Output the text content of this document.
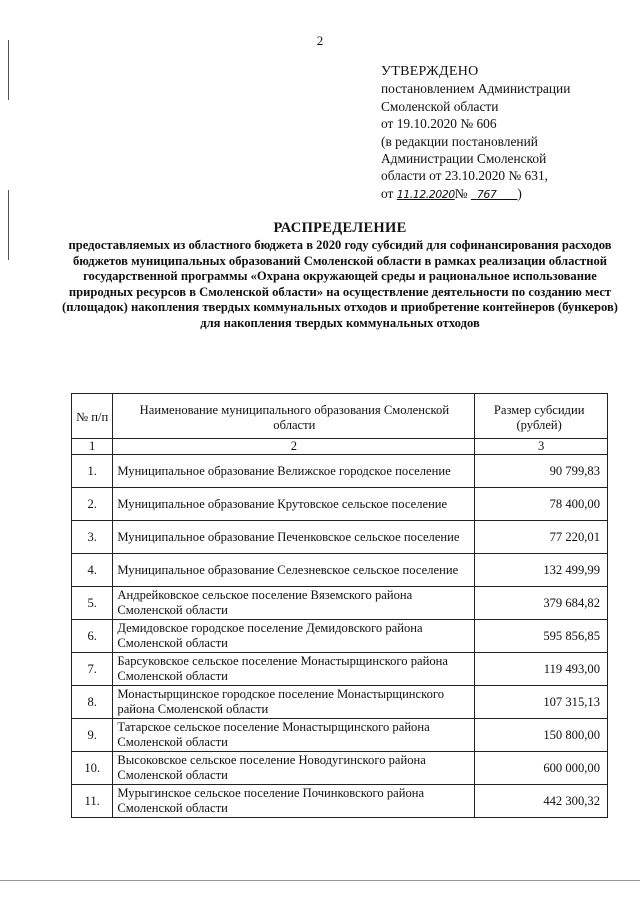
2
УТВЕРЖДЕНО
постановлением Администрации
Смоленской области
от 19.10.2020 № 606
(в редакции постановлений
Администрации Смоленской
области от 23.10.2020 № 631,
от 11.12.2020№ 767 )
РАСПРЕДЕЛЕНИЕ
предоставляемых из областного бюджета в 2020 году субсидий для софинансирования расходов бюджетов муниципальных образований Смоленской области в рамках реализации областной государственной программы «Охрана окружающей среды и рациональное использование природных ресурсов в Смоленской области» на осуществление деятельности по созданию мест (площадок) накопления твердых коммунальных отходов и приобретение контейнеров (бункеров) для накопления твердых коммунальных отходов
№ п/п	Наименование муниципального образования Смоленской области	Размер субсидии (рублей)
1	2	3
1.	Муниципальное образование Велижское городское поселение	90 799,83
2.	Муниципальное образование Крутовское сельское поселение	78 400,00
3.	Муниципальное образование Печенковское сельское поселение	77 220,01
4.	Муниципальное образование Селезневское сельское поселение	132 499,99
5.	Андрейковское сельское поселение Вяземского района Смоленской области	379 684,82
6.	Демидовское городское поселение Демидовского района Смоленской области	595 856,85
7.	Барсуковское сельское поселение Монастырщинского района Смоленской области	119 493,00
8.	Монастырщинское городское поселение Монастырщинского района Смоленской области	107 315,13
9.	Татарское сельское поселение Монастырщинского района Смоленской области	150 800,00
10.	Высоковское сельское поселение Новодугинского района Смоленской области	600 000,00
11.	Мурыгинское сельское поселение Починковского района Смоленской области	442 300,32
